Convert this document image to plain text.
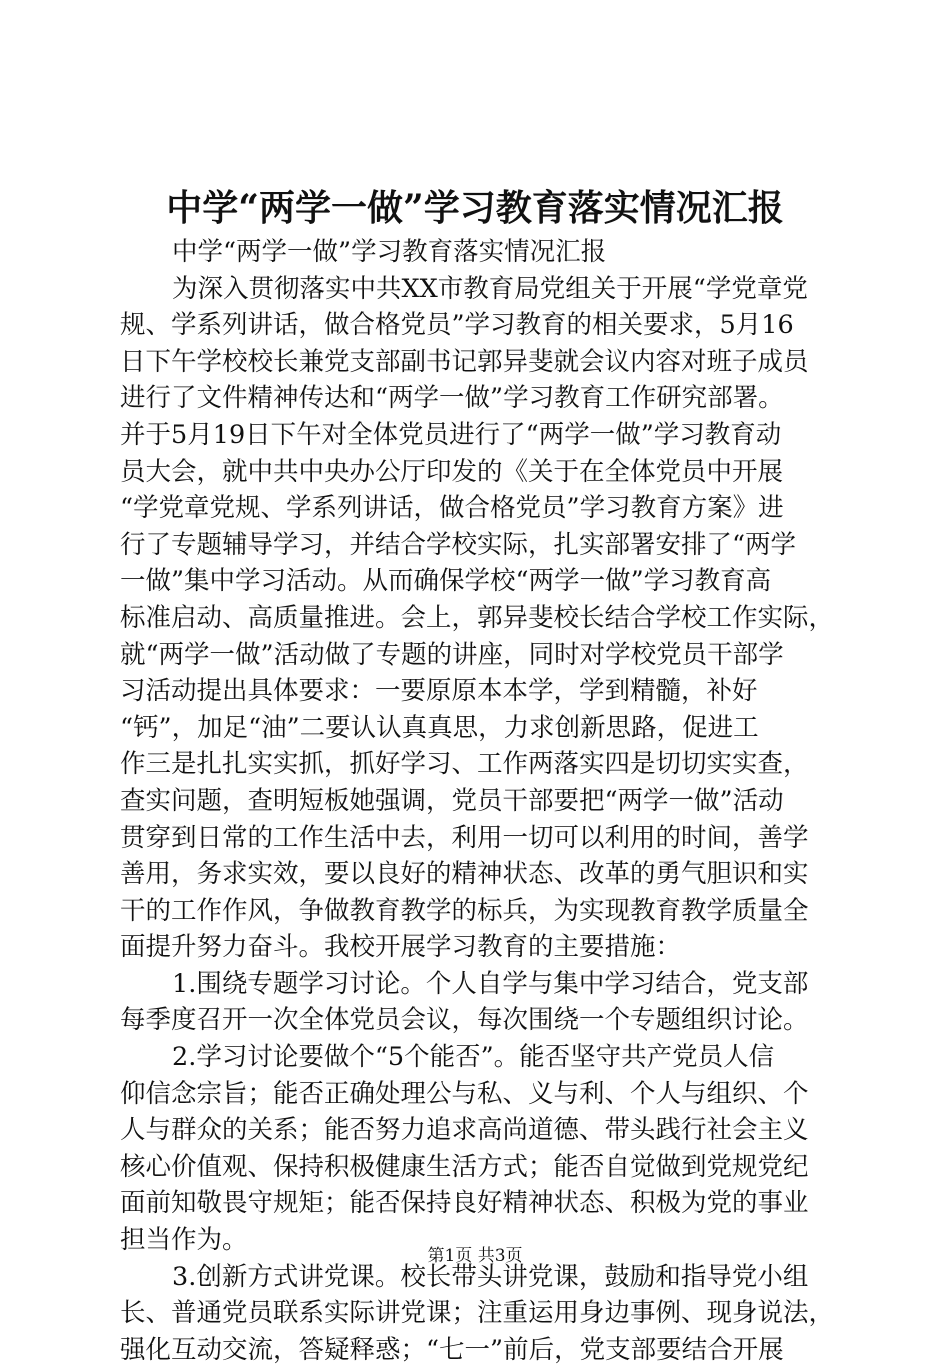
中学“两学一做”学习教育落实情况汇报
中学“两学一做”学习教育落实情况汇报
为深入贯彻落实中共XX市教育局党组关于开展“学党章党
规、学系列讲话，做合格党员”学习教育的相关要求，5月16
日下午学校校长兼党支部副书记郭异斐就会议内容对班子成员
进行了文件精神传达和“两学一做”学习教育工作研究部署。
并于5月19日下午对全体党员进行了“两学一做”学习教育动
员大会，就中共中央办公厅印发的《关于在全体党员中开展
“学党章党规、学系列讲话，做合格党员”学习教育方案》进
行了专题辅导学习，并结合学校实际，扎实部署安排了“两学
一做”集中学习活动。从而确保学校“两学一做”学习教育高
标准启动、高质量推进。会上，郭异斐校长结合学校工作实际，
就“两学一做”活动做了专题的讲座，同时对学校党员干部学
习活动提出具体要求：一要原原本本学，学到精髓，补好
“钙”，加足“油”二要认认真真思，力求创新思路，促进工
作三是扎扎实实抓，抓好学习、工作两落实四是切切实实查，
查实问题，查明短板她强调，党员干部要把“两学一做”活动
贯穿到日常的工作生活中去，利用一切可以利用的时间，善学
善用，务求实效，要以良好的精神状态、改革的勇气胆识和实
干的工作作风，争做教育教学的标兵，为实现教育教学质量全
面提升努力奋斗。我校开展学习教育的主要措施：
1.围绕专题学习讨论。个人自学与集中学习结合，党支部
每季度召开一次全体党员会议，每次围绕一个专题组织讨论。
2.学习讨论要做个“5个能否”。能否坚守共产党员人信
仰信念宗旨；能否正确处理公与私、义与利、个人与组织、个
人与群众的关系；能否努力追求高尚道德、带头践行社会主义
核心价值观、保持积极健康生活方式；能否自觉做到党规党纪
面前知敬畏守规矩；能否保持良好精神状态、积极为党的事业
担当作为。
3.创新方式讲党课。校长带头讲党课，鼓励和指导党小组
长、普通党员联系实际讲党课；注重运用身边事例、现身说法，
强化互动交流，答疑释惑；“七一”前后，党支部要结合开展
第1页 共3页
